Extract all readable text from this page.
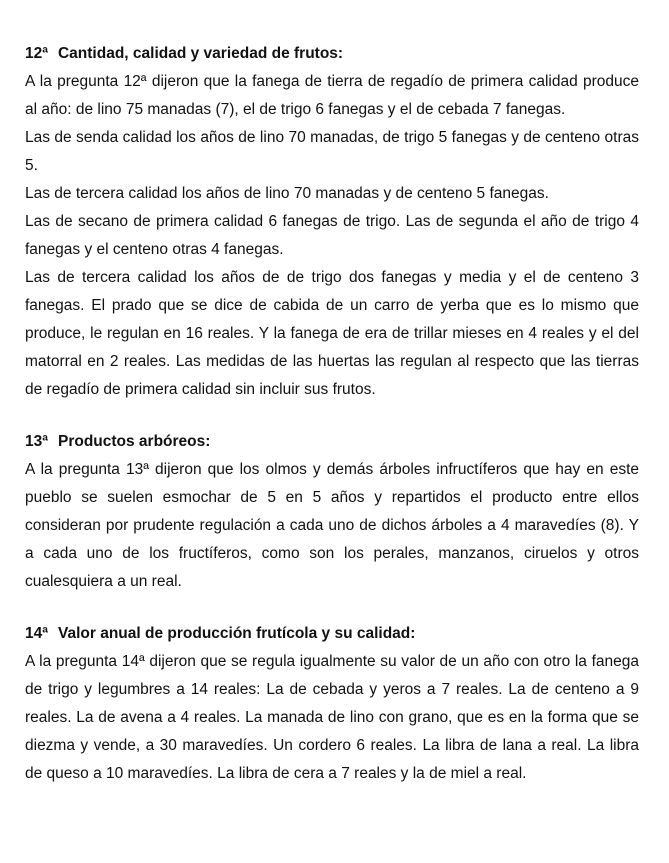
12ª Cantidad, calidad y variedad de frutos:

A la pregunta 12ª dijeron que la fanega de tierra de regadío de primera calidad produce al año: de lino 75 manadas (7), el de trigo 6 fanegas y el de cebada 7 fanegas.

Las de senda calidad los años de lino 70 manadas, de trigo 5 fanegas y de centeno otras 5.

Las de tercera calidad los años de lino 70 manadas y de centeno 5 fanegas.

Las de secano de primera calidad 6 fanegas de trigo. Las de segunda el año de trigo 4 fanegas y el centeno otras 4 fanegas.

Las de tercera calidad los años de de trigo dos fanegas y media y el de centeno 3 fanegas. El prado que se dice de cabida de un carro de yerba que es lo mismo que produce, le regulan en 16 reales. Y la fanega de era de trillar mieses en 4 reales y el del matorral en 2 reales. Las medidas de las huertas las regulan al respecto que las tierras de regadío de primera calidad sin incluir sus frutos.

13ª Productos arbóreos:

A la pregunta 13ª dijeron que los olmos y demás árboles infructíferos que hay en este pueblo se suelen esmochar de 5 en 5 años y repartidos el producto entre ellos consideran por prudente regulación a cada uno de dichos árboles a 4 maravedíes (8). Y a cada uno de los fructíferos, como son los perales, manzanos, ciruelos y otros cualesquiera a un real.

14ª Valor anual de producción frutícola y su calidad:

A la pregunta 14ª dijeron que se regula igualmente su valor de un año con otro la fanega de trigo y legumbres a 14 reales: La de cebada y yeros a 7 reales. La de centeno a 9 reales. La de avena a 4 reales. La manada de lino con grano, que es en la forma que se diezma y vende, a 30 maravedíes. Un cordero 6 reales. La libra de lana a real. La libra de queso a 10 maravedíes. La libra de cera a 7 reales y la de miel a real.
